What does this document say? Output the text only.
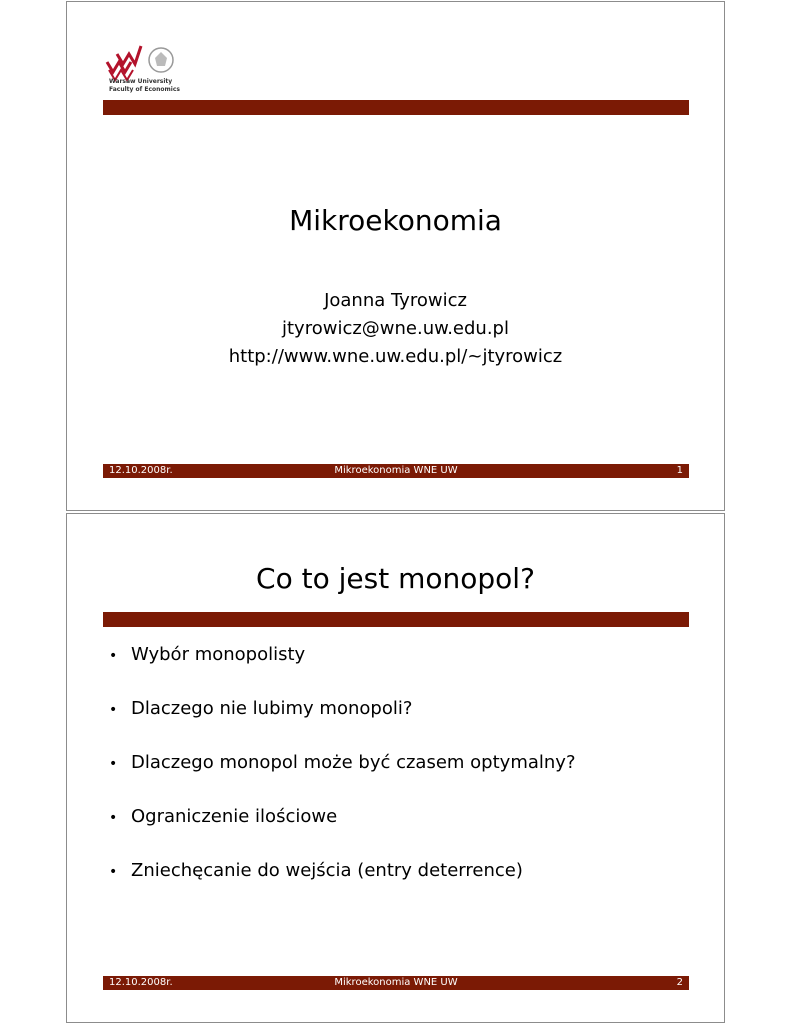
Warsaw University
Faculty of Economics
Mikroekonomia
Joanna Tyrowicz
jtyrowicz@wne.uw.edu.pl
http://www.wne.uw.edu.pl/~jtyrowicz
12.10.2008r.	Mikroekonomia WNE UW	1
Co to jest monopol?
• Wybór monopolisty
• Dlaczego nie lubimy monopoli?
• Dlaczego monopol może być czasem optymalny?
• Ograniczenie ilościowe
• Zniechęcanie do wejścia (entry deterrence)
12.10.2008r.	Mikroekonomia WNE UW	2
